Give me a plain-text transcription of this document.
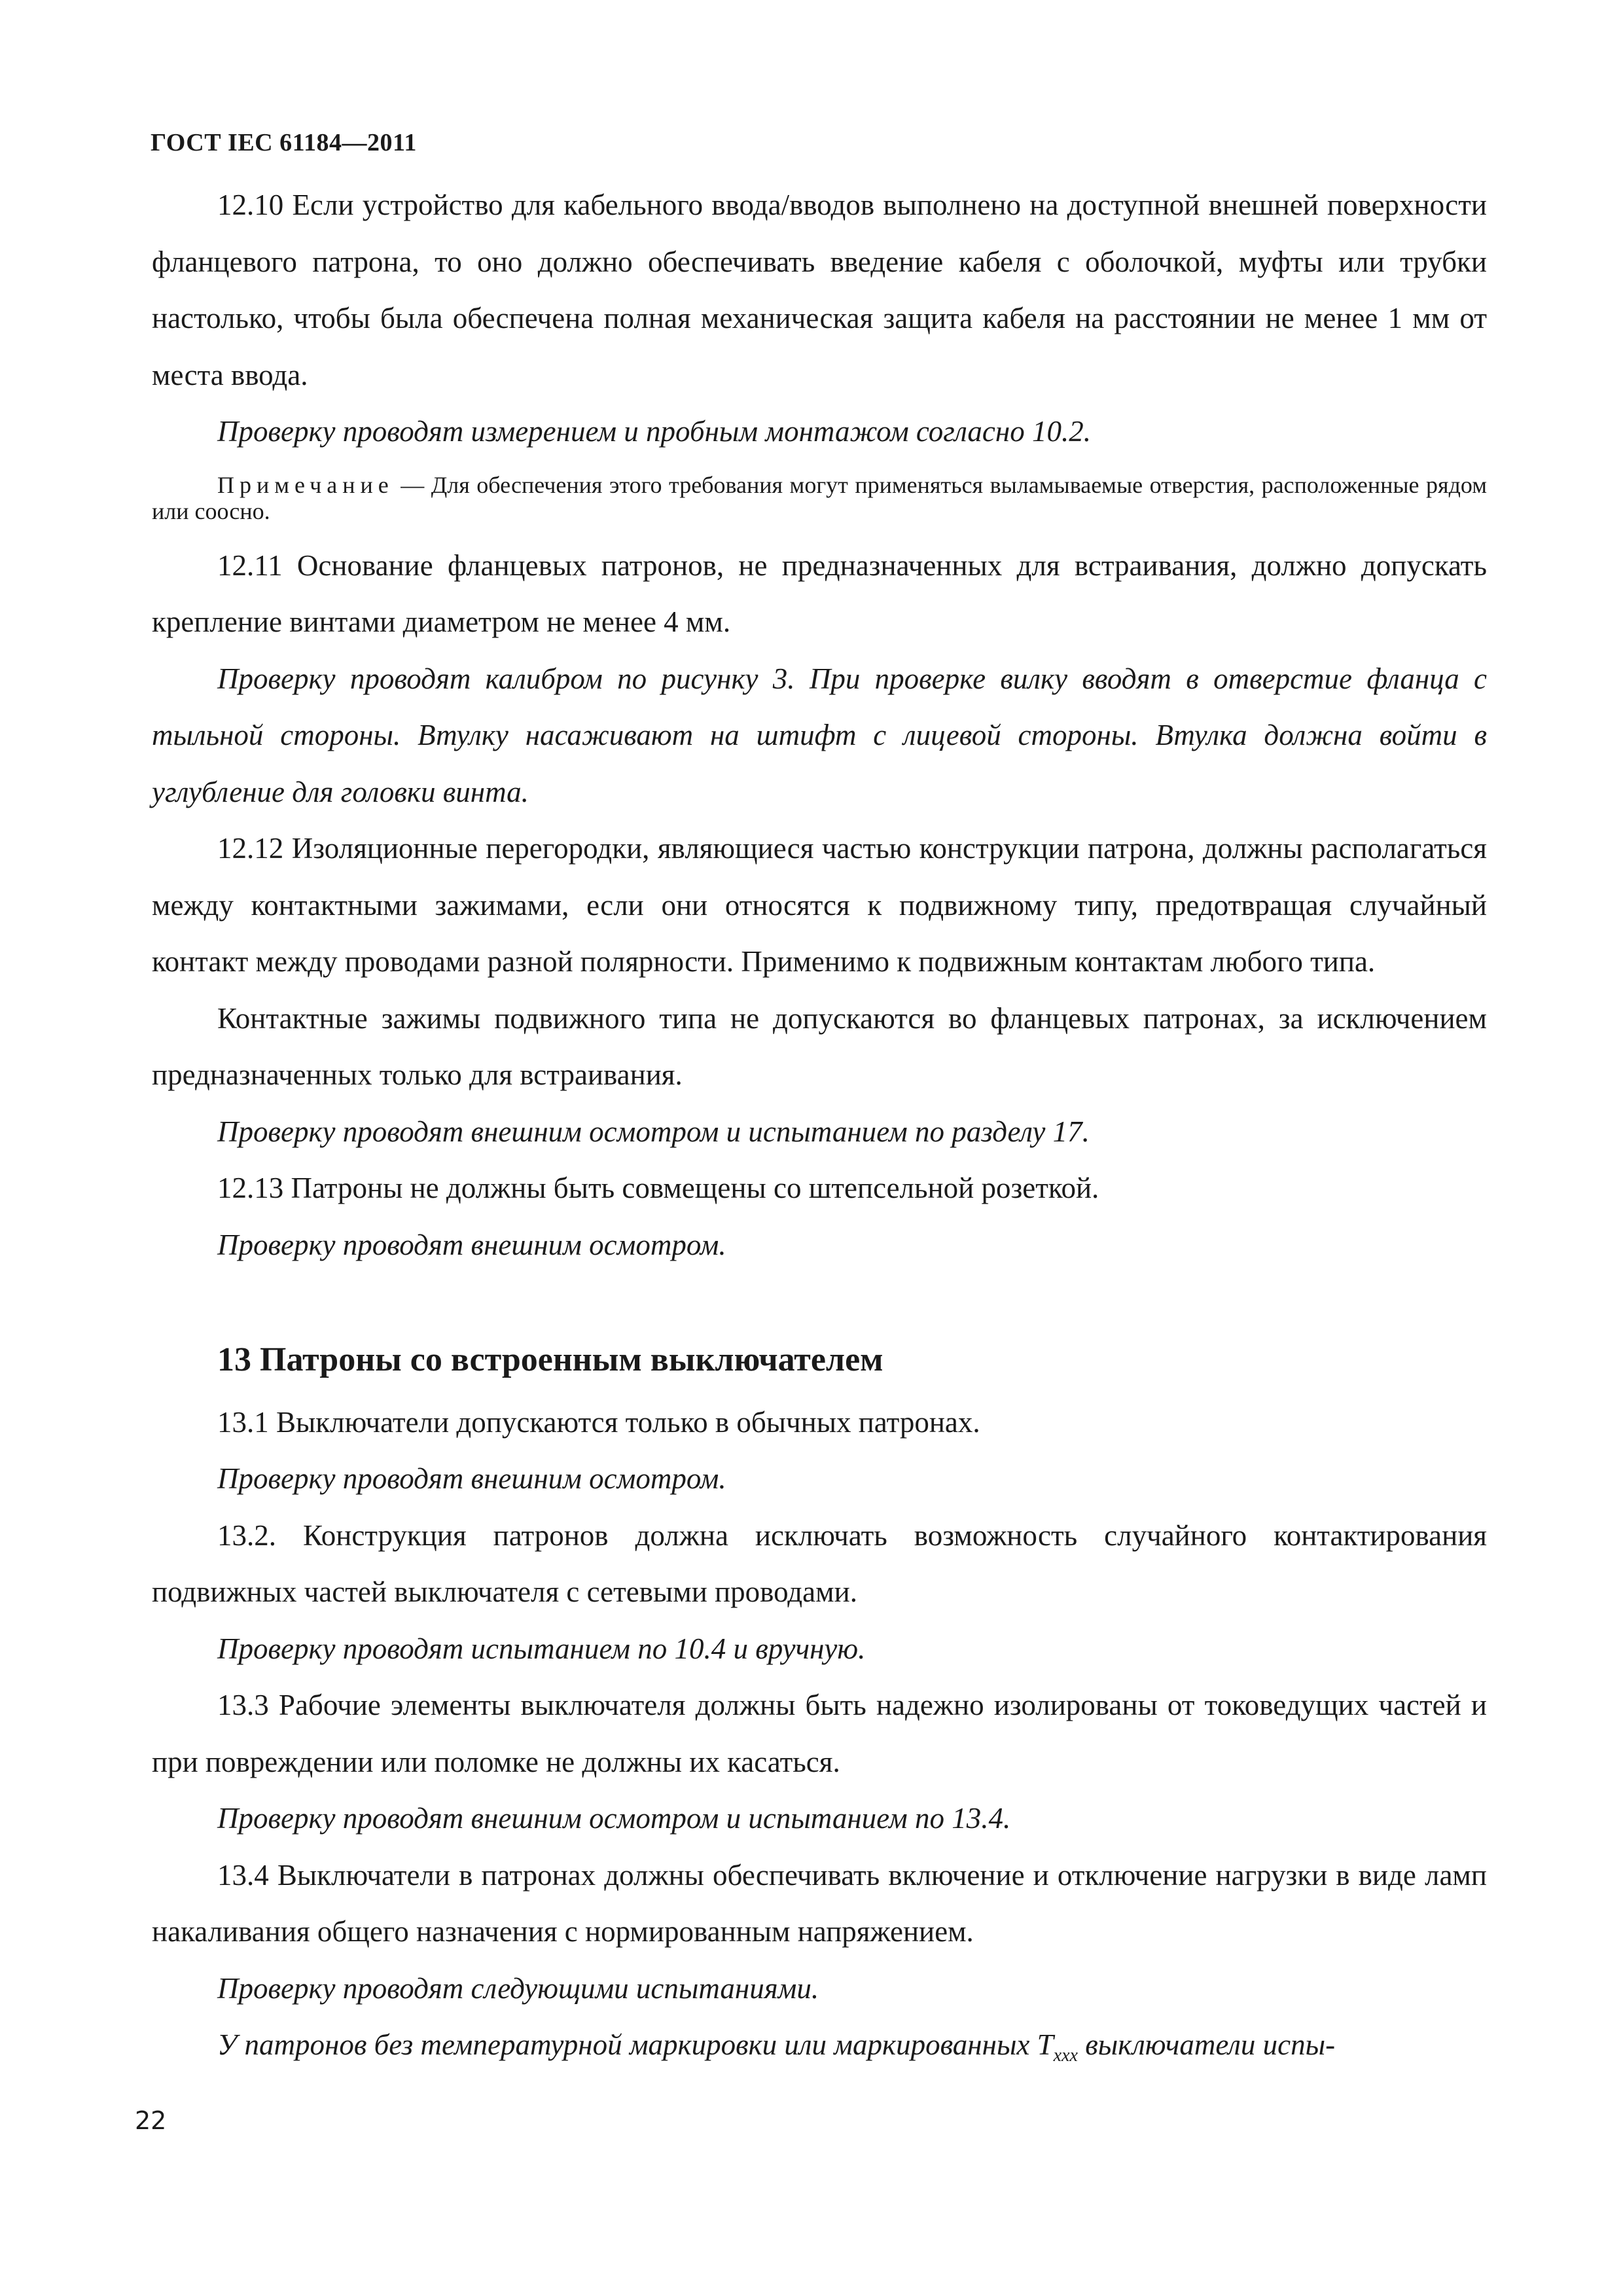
ГОСТ IEC 61184—2011

12.10 Если устройство для кабельного ввода/вводов выполнено на доступной внешней поверхности фланцевого патрона, то оно должно обеспечивать введение кабеля с оболочкой, муфты или трубки настолько, чтобы была обеспечена полная механическая защита кабеля на расстоянии не менее 1 мм от места ввода.

Проверку проводят измерением и пробным монтажом согласно 10.2.

Примечание — Для обеспечения этого требования могут применяться выламываемые отверстия, расположенные рядом или соосно.

12.11 Основание фланцевых патронов, не предназначенных для встраивания, должно допускать крепление винтами диаметром не менее 4 мм.

Проверку проводят калибром по рисунку 3. При проверке вилку вводят в отверстие фланца с тыльной стороны. Втулку насаживают на штифт с лицевой стороны. Втулка должна войти в углубление для головки винта.

12.12 Изоляционные перегородки, являющиеся частью конструкции патрона, должны располагаться между контактными зажимами, если они относятся к подвижному типу, предотвращая случайный контакт между проводами разной полярности. Применимо к подвижным контактам любого типа.

Контактные зажимы подвижного типа не допускаются во фланцевых патронах, за исключением предназначенных только для встраивания.

Проверку проводят внешним осмотром и испытанием по разделу 17.

12.13 Патроны не должны быть совмещены со штепсельной розеткой.

Проверку проводят внешним осмотром.

13 Патроны со встроенным выключателем

13.1 Выключатели допускаются только в обычных патронах.

Проверку проводят внешним осмотром.

13.2. Конструкция патронов должна исключать возможность случайного контактирования подвижных частей выключателя с сетевыми проводами.

Проверку проводят испытанием по 10.4 и вручную.

13.3 Рабочие элементы выключателя должны быть надежно изолированы от токоведущих частей и при повреждении или поломке не должны их касаться.

Проверку проводят внешним осмотром и испытанием по 13.4.

13.4 Выключатели в патронах должны обеспечивать включение и отключение нагрузки в виде ламп накаливания общего назначения с нормированным напряжением.

Проверку проводят следующими испытаниями.

У патронов без температурной маркировки или маркированных $T_{xxx}$ выключатели испы-

22
